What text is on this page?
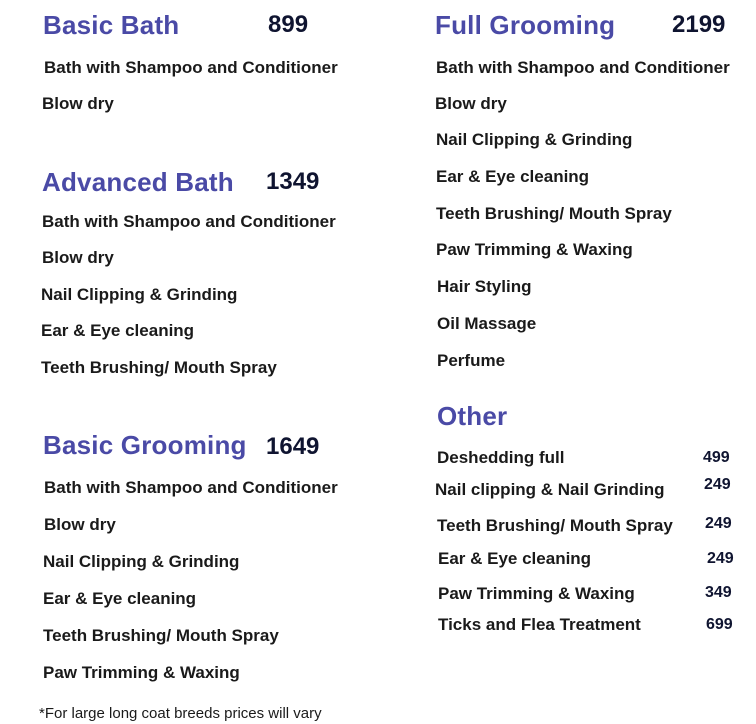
Basic Bath	899
Bath with Shampoo and Conditioner
Blow dry
Advanced Bath 1349
Bath with Shampoo and Conditioner
Blow dry
Nail Clipping & Grinding
Ear & Eye cleaning
Teeth Brushing/ Mouth Spray
Basic Grooming 1649
Bath with Shampoo and Conditioner
Blow dry
Nail Clipping & Grinding
Ear & Eye cleaning
Teeth Brushing/ Mouth Spray
Paw Trimming & Waxing
Full Grooming 2199
Bath with Shampoo and Conditioner
Blow dry
Nail Clipping & Grinding
Ear & Eye cleaning
Teeth Brushing/ Mouth Spray
Paw Trimming & Waxing
Hair Styling
Oil Massage
Perfume
Other
Deshedding full	499
Nail clipping & Nail Grinding 249
Teeth Brushing/ Mouth Spray 249
Ear & Eye cleaning	249
Paw Trimming & Waxing	349
Ticks and Flea Treatment	699
*For large long coat breeds prices will vary
